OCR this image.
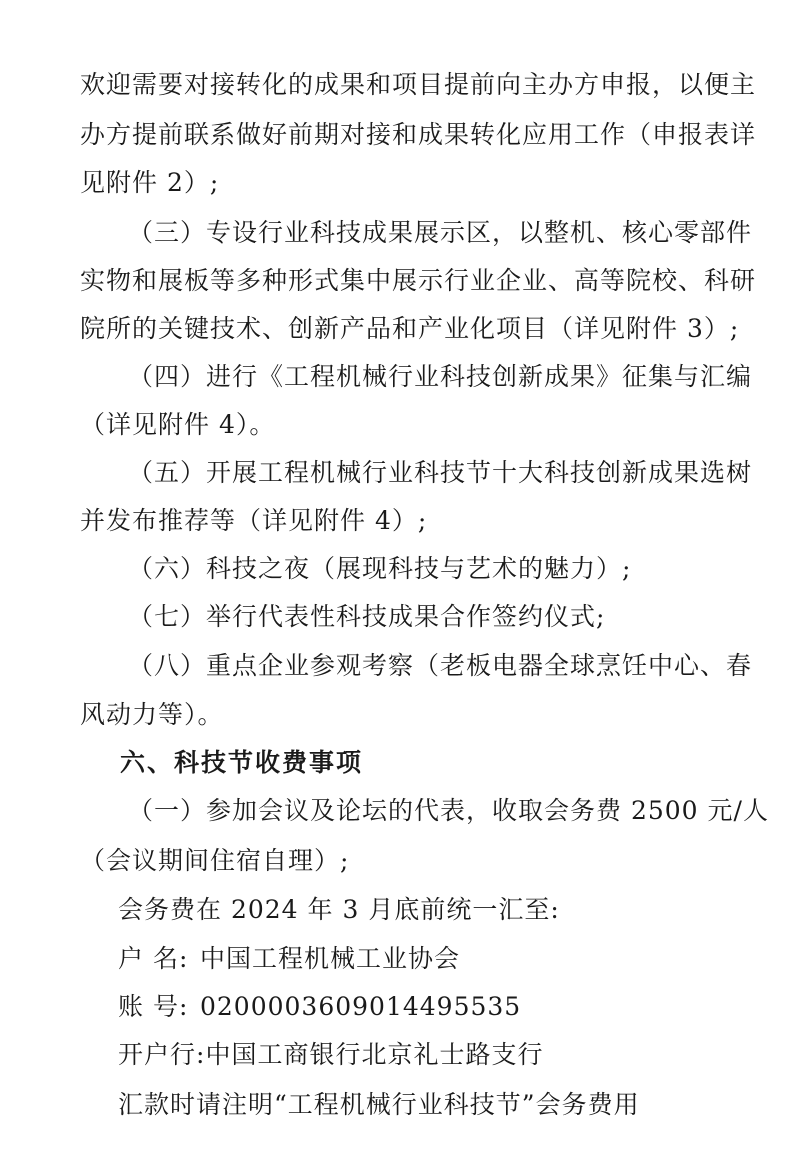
欢迎需要对接转化的成果和项目提前向主办方申报，以便主
办方提前联系做好前期对接和成果转化应用工作（申报表详
见附件 2）;
（三）专设行业科技成果展示区，以整机、核心零部件
实物和展板等多种形式集中展示行业企业、高等院校、科研
院所的关键技术、创新产品和产业化项目（详见附件 3）;
（四）进行《工程机械行业科技创新成果》征集与汇编
（详见附件 4）。
（五）开展工程机械行业科技节十大科技创新成果选树
并发布推荐等（详见附件 4）;
（六）科技之夜（展现科技与艺术的魅力）;
（七）举行代表性科技成果合作签约仪式;
（八）重点企业参观考察（老板电器全球烹饪中心、春
风动力等）。
六、科技节收费事项
（一）参加会议及论坛的代表，收取会务费 2500 元/人
（会议期间住宿自理）;
会务费在 2024 年 3 月底前统一汇至:
户 名: 中国工程机械工业协会
账 号: 0200003609014495535
开户行:中国工商银行北京礼士路支行
汇款时请注明“工程机械行业科技节”会务费用
